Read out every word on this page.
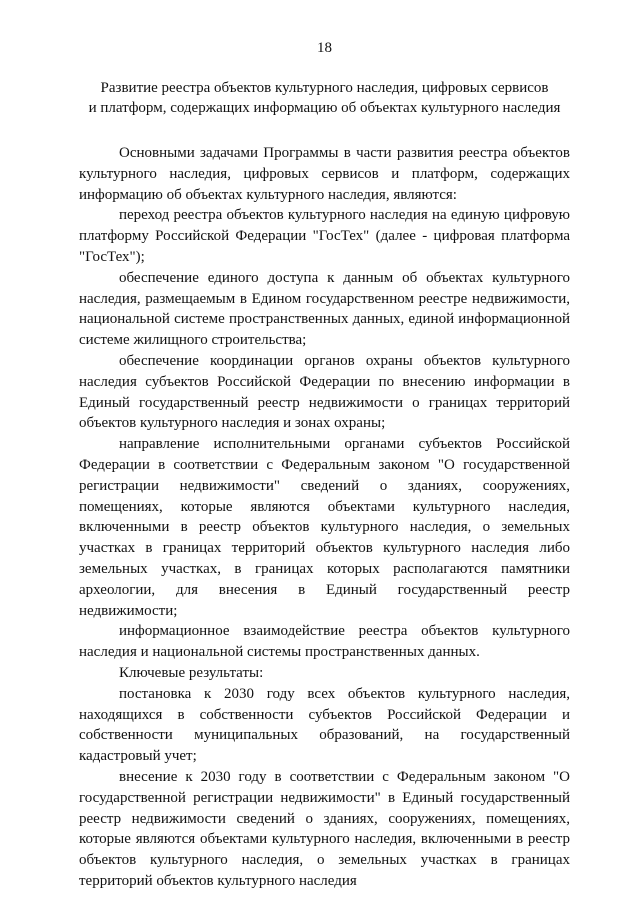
18
Развитие реестра объектов культурного наследия, цифровых сервисов
и платформ, содержащих информацию об объектах культурного наследия

Основными задачами Программы в части развития реестра объектов культурного наследия, цифровых сервисов и платформ, содержащих информацию об объектах культурного наследия, являются:

переход реестра объектов культурного наследия на единую цифровую платформу Российской Федерации "ГосТех" (далее - цифровая платформа "ГосТех");

обеспечение единого доступа к данным об объектах культурного наследия, размещаемым в Едином государственном реестре недвижимости, национальной системе пространственных данных, единой информационной системе жилищного строительства;

обеспечение координации органов охраны объектов культурного наследия субъектов Российской Федерации по внесению информации в Единый государственный реестр недвижимости о границах территорий объектов культурного наследия и зонах охраны;

направление исполнительными органами субъектов Российской Федерации в соответствии с Федеральным законом "О государственной регистрации недвижимости" сведений о зданиях, сооружениях, помещениях, которые являются объектами культурного наследия, включенными в реестр объектов культурного наследия, о земельных участках в границах территорий объектов культурного наследия либо земельных участках, в границах которых располагаются памятники археологии, для внесения в Единый государственный реестр недвижимости;

информационное взаимодействие реестра объектов культурного наследия и национальной системы пространственных данных.

Ключевые результаты:

постановка к 2030 году всех объектов культурного наследия, находящихся в собственности субъектов Российской Федерации и собственности муниципальных образований, на государственный кадастровый учет;

внесение к 2030 году в соответствии с Федеральным законом "О государственной регистрации недвижимости" в Единый государственный реестр недвижимости сведений о зданиях, сооружениях, помещениях, которые являются объектами культурного наследия, включенными в реестр объектов культурного наследия, о земельных участках в границах территорий объектов культурного наследия
